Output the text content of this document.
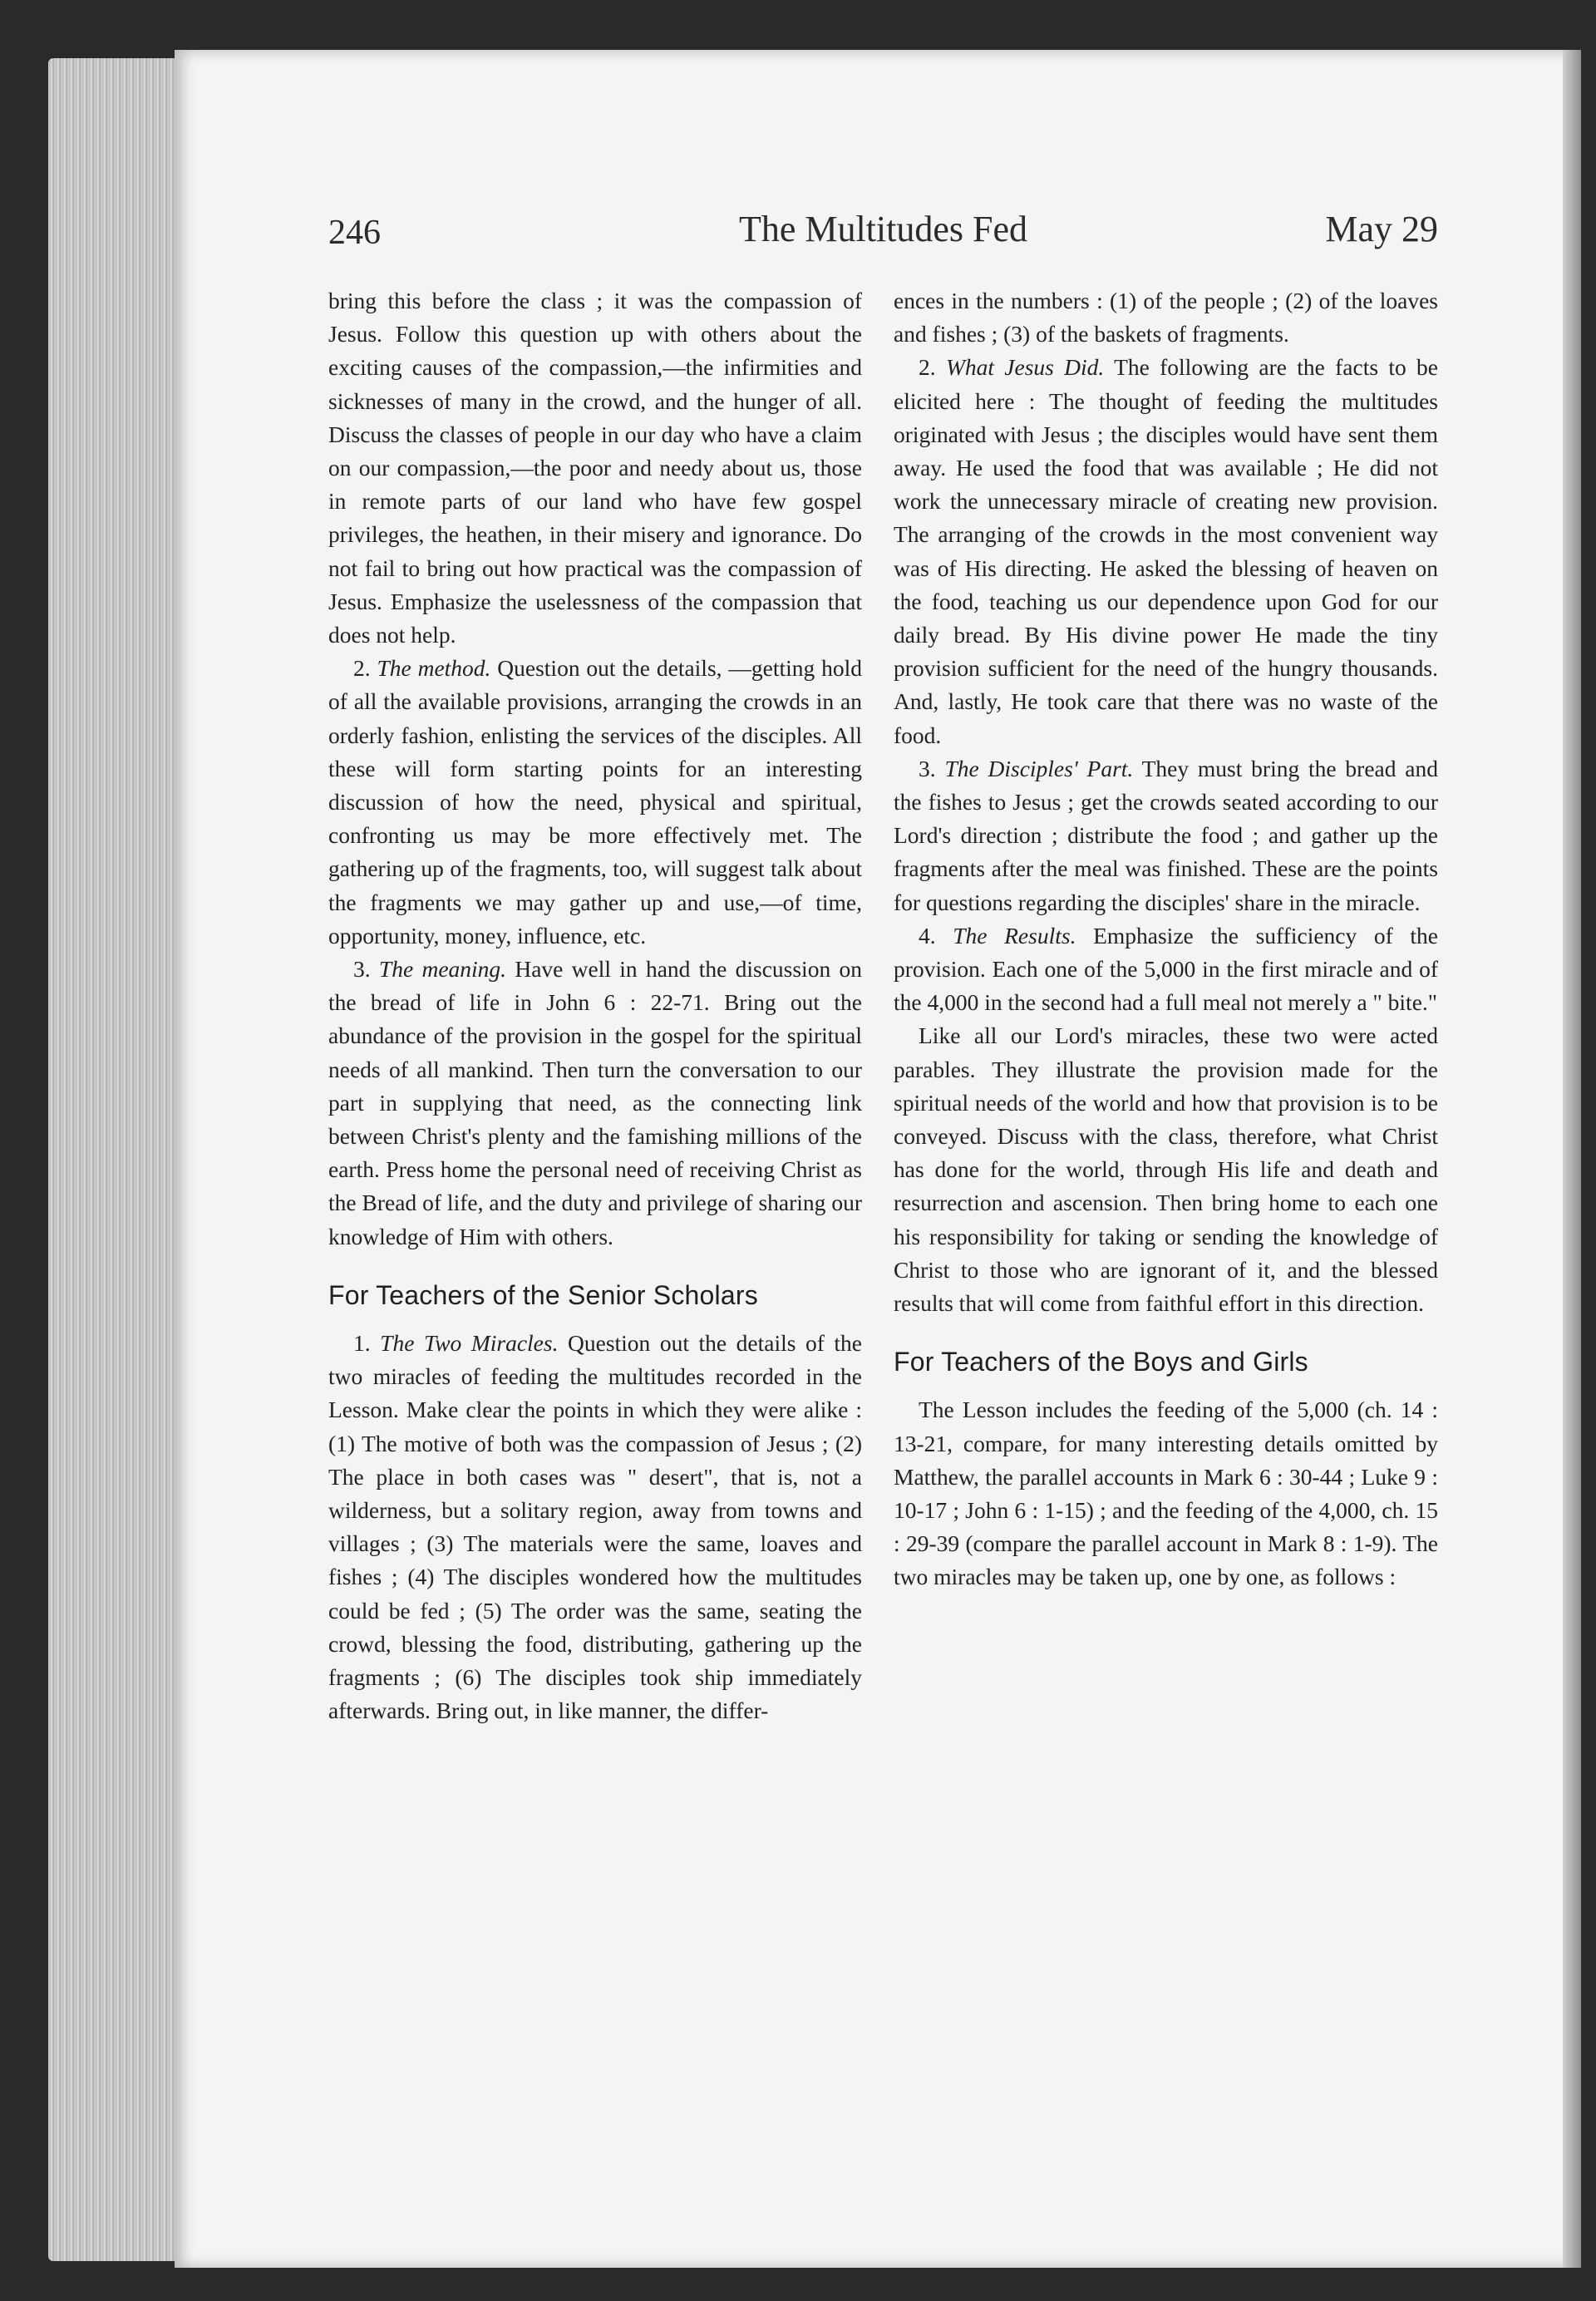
246	The Multitudes Fed	May 29

bring this before the class ; it was the compassion of Jesus. Follow this question up with others about the exciting causes of the compassion,—the infirmities and sicknesses of many in the crowd, and the hunger of all. Discuss the classes of people in our day who have a claim on our compassion,—the poor and needy about us, those in remote parts of our land who have few gospel privileges, the heathen, in their misery and ignorance. Do not fail to bring out how practical was the compassion of Jesus. Emphasize the uselessness of the compassion that does not help.

2. The method. Question out the details, —getting hold of all the available provisions, arranging the crowds in an orderly fashion, enlisting the services of the disciples. All these will form starting points for an interesting discussion of how the need, physical and spiritual, confronting us may be more effectively met. The gathering up of the fragments, too, will suggest talk about the fragments we may gather up and use,—of time, opportunity, money, influence, etc.

3. The meaning. Have well in hand the discussion on the bread of life in John 6 : 22-71. Bring out the abundance of the provision in the gospel for the spiritual needs of all mankind. Then turn the conversation to our part in supplying that need, as the connecting link between Christ's plenty and the famishing millions of the earth. Press home the personal need of receiving Christ as the Bread of life, and the duty and privilege of sharing our knowledge of Him with others.

For Teachers of the Senior Scholars

1. The Two Miracles. Question out the details of the two miracles of feeding the multitudes recorded in the Lesson. Make clear the points in which they were alike : (1) The motive of both was the compassion of Jesus ; (2) The place in both cases was " desert", that is, not a wilderness, but a solitary region, away from towns and villages ; (3) The materials were the same, loaves and fishes ; (4) The disciples wondered how the multitudes could be fed ; (5) The order was the same, seating the crowd, blessing the food, distributing, gathering up the fragments ; (6) The disciples took ship immediately afterwards. Bring out, in like manner, the differ-

ences in the numbers : (1) of the people ; (2) of the loaves and fishes ; (3) of the baskets of fragments.

2. What Jesus Did. The following are the facts to be elicited here : The thought of feeding the multitudes originated with Jesus ; the disciples would have sent them away. He used the food that was available ; He did not work the unnecessary miracle of creating new provision. The arranging of the crowds in the most convenient way was of His directing. He asked the blessing of heaven on the food, teaching us our dependence upon God for our daily bread. By His divine power He made the tiny provision sufficient for the need of the hungry thousands. And, lastly, He took care that there was no waste of the food.

3. The Disciples' Part. They must bring the bread and the fishes to Jesus ; get the crowds seated according to our Lord's direction ; distribute the food ; and gather up the fragments after the meal was finished. These are the points for questions regarding the disciples' share in the miracle.

4. The Results. Emphasize the sufficiency of the provision. Each one of the 5,000 in the first miracle and of the 4,000 in the second had a full meal not merely a " bite."

Like all our Lord's miracles, these two were acted parables. They illustrate the provision made for the spiritual needs of the world and how that provision is to be conveyed. Discuss with the class, therefore, what Christ has done for the world, through His life and death and resurrection and ascension. Then bring home to each one his responsibility for taking or sending the knowledge of Christ to those who are ignorant of it, and the blessed results that will come from faithful effort in this direction.

For Teachers of the Boys and Girls

The Lesson includes the feeding of the 5,000 (ch. 14 : 13-21, compare, for many interesting details omitted by Matthew, the parallel accounts in Mark 6 : 30-44 ; Luke 9 : 10-17 ; John 6 : 1-15) ; and the feeding of the 4,000, ch. 15 : 29-39 (compare the parallel account in Mark 8 : 1-9). The two miracles may be taken up, one by one, as follows :
